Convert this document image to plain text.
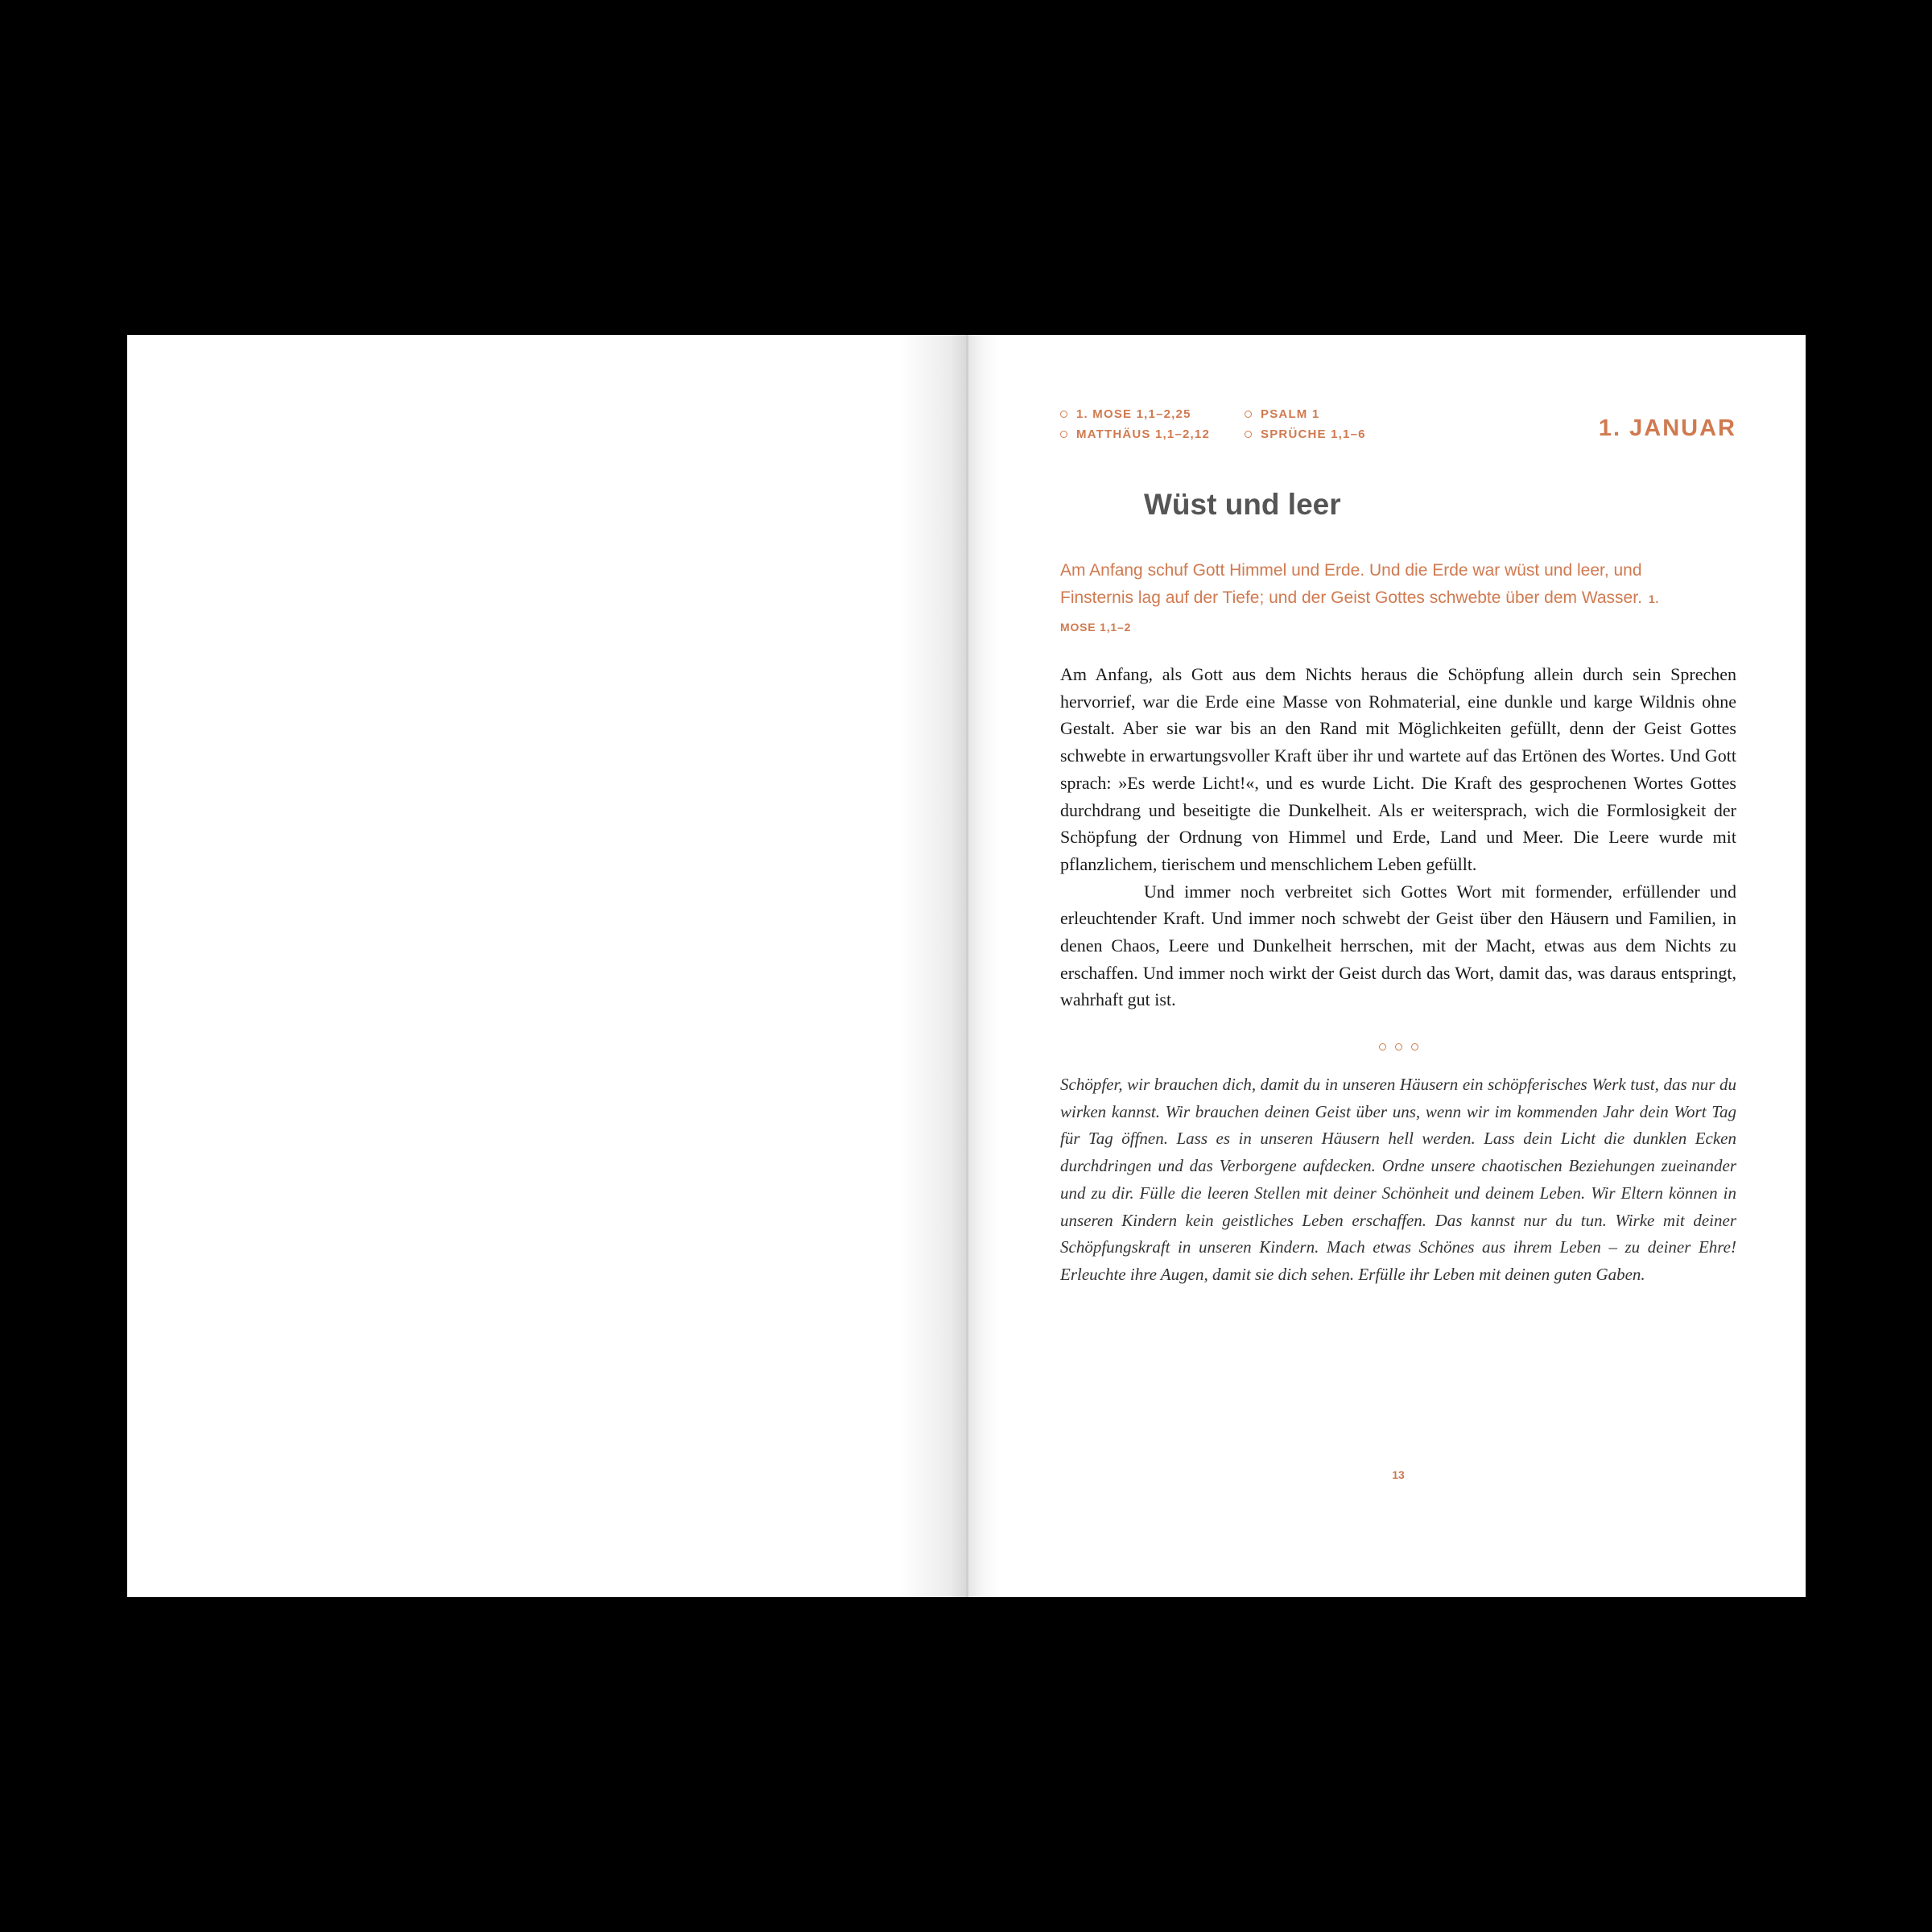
1. MOSE 1,1–2,25	PSALM 1
MATTHÄUS 1,1–2,12	SPRÜCHE 1,1–6	1. JANUAR
Wüst und leer
Am Anfang schuf Gott Himmel und Erde. Und die Erde war wüst und leer, und Finsternis lag auf der Tiefe; und der Geist Gottes schwebte über dem Wasser. 1. MOSE 1,1–2

Am Anfang, als Gott aus dem Nichts heraus die Schöpfung allein durch sein Sprechen hervorrief, war die Erde eine Masse von Rohmaterial, eine dunkle und karge Wildnis ohne Gestalt. Aber sie war bis an den Rand mit Möglichkeiten gefüllt, denn der Geist Gottes schwebte in erwartungsvoller Kraft über ihr und wartete auf das Ertönen des Wortes. Und Gott sprach: »Es werde Licht!«, und es wurde Licht. Die Kraft des gesprochenen Wortes Gottes durchdrang und beseitigte die Dunkelheit. Als er weitersprach, wich die Formlosigkeit der Schöpfung der Ordnung von Himmel und Erde, Land und Meer. Die Leere wurde mit pflanzlichem, tierischem und menschlichem Leben gefüllt.

Und immer noch verbreitet sich Gottes Wort mit formender, erfüllender und erleuchtender Kraft. Und immer noch schwebt der Geist über den Häusern und Familien, in denen Chaos, Leere und Dunkelheit herrschen, mit der Macht, etwas aus dem Nichts zu erschaffen. Und immer noch wirkt der Geist durch das Wort, damit das, was daraus entspringt, wahrhaft gut ist.

Schöpfer, wir brauchen dich, damit du in unseren Häusern ein schöpferisches Werk tust, das nur du wirken kannst. Wir brauchen deinen Geist über uns, wenn wir im kommenden Jahr dein Wort Tag für Tag öffnen. Lass es in unseren Häusern hell werden. Lass dein Licht die dunklen Ecken durchdringen und das Verborgene aufdecken. Ordne unsere chaotischen Beziehungen zueinander und zu dir. Fülle die leeren Stellen mit deiner Schönheit und deinem Leben. Wir Eltern können in unseren Kindern kein geistliches Leben erschaffen. Das kannst nur du tun. Wirke mit deiner Schöpfungskraft in unseren Kindern. Mach etwas Schönes aus ihrem Leben – zu deiner Ehre! Erleuchte ihre Augen, damit sie dich sehen. Erfülle ihr Leben mit deinen guten Gaben.
13
